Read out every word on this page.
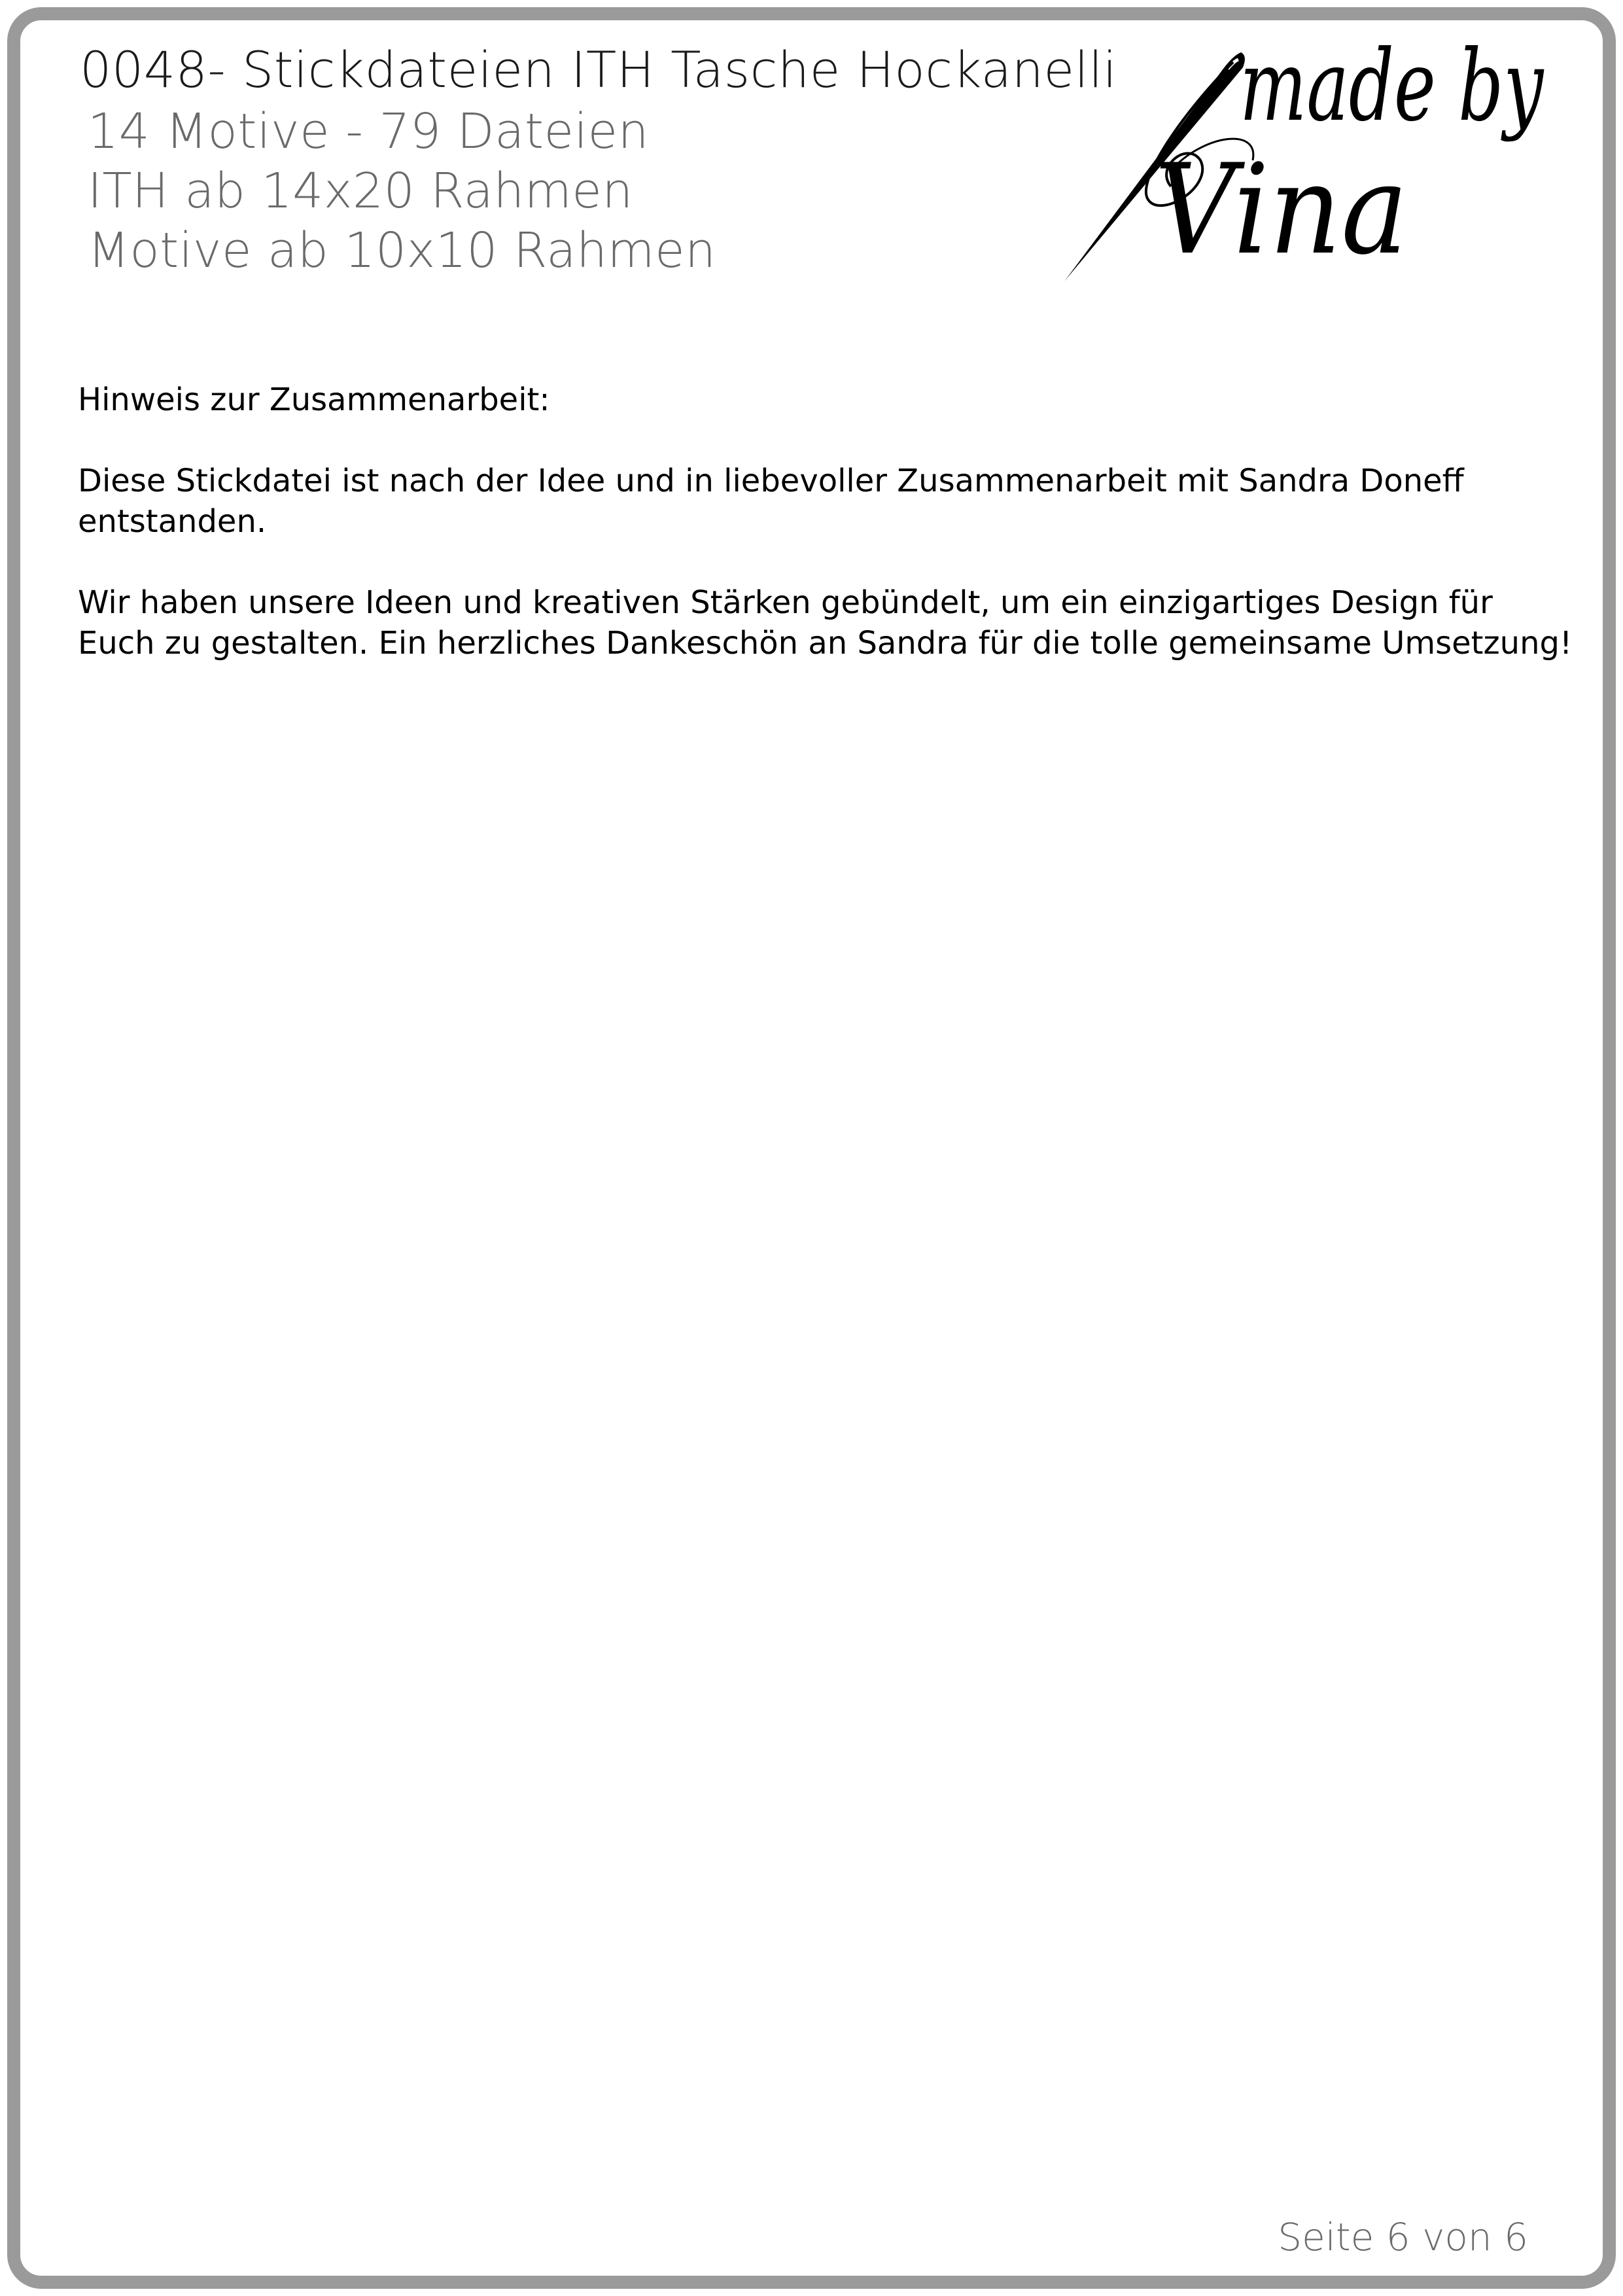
0048- Stickdateien ITH Tasche Hockanelli
14 Motive - 79 Dateien
ITH ab 14x20 Rahmen
Motive ab 10x10 Rahmen
made by
Vina
Hinweis zur Zusammenarbeit:

Diese Stickdatei ist nach der Idee und in liebevoller Zusammenarbeit mit Sandra Doneff entstanden.

Wir haben unsere Ideen und kreativen Stärken gebündelt, um ein einzigartiges Design für Euch zu gestalten. Ein herzliches Dankeschön an Sandra für die tolle gemeinsame Umsetzung!

Seite 6 von 6
